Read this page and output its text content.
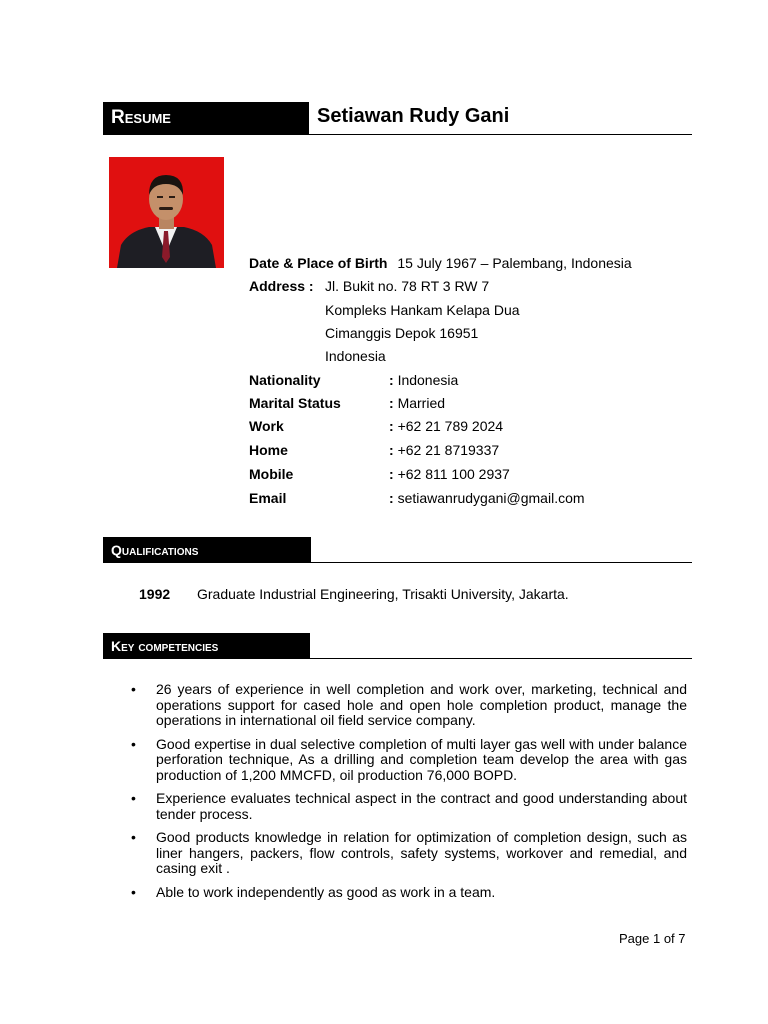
Resume	Setiawan Rudy Gani
Date & Place of Birth 15 July 1967 – Palembang, Indonesia
Address : Jl. Bukit no. 78 RT 3 RW 7
Kompleks Hankam Kelapa Dua
Cimanggis Depok 16951
Indonesia
Nationality	: Indonesia
Marital Status	: Married
Work	: +62 21 789 2024
Home	: +62 21 8719337
Mobile	: +62 811 100 2937
Email	: setiawanrudygani@gmail.com
Qualifications
1992 Graduate Industrial Engineering, Trisakti University, Jakarta.
Key competencies
• 26 years of experience in well completion and work over, marketing, technical and operations support for cased hole and open hole completion product, manage the operations in international oil field service company.
• Good expertise in dual selective completion of multi layer gas well with under balance perforation technique, As a drilling and completion team develop the area with gas production of 1,200 MMCFD, oil production 76,000 BOPD.
• Experience evaluates technical aspect in the contract and good understanding about tender process.
• Good products knowledge in relation for optimization of completion design, such as liner hangers, packers, flow controls, safety systems, workover and remedial, and casing exit .
• Able to work independently as good as work in a team.
Page 1 of 7
